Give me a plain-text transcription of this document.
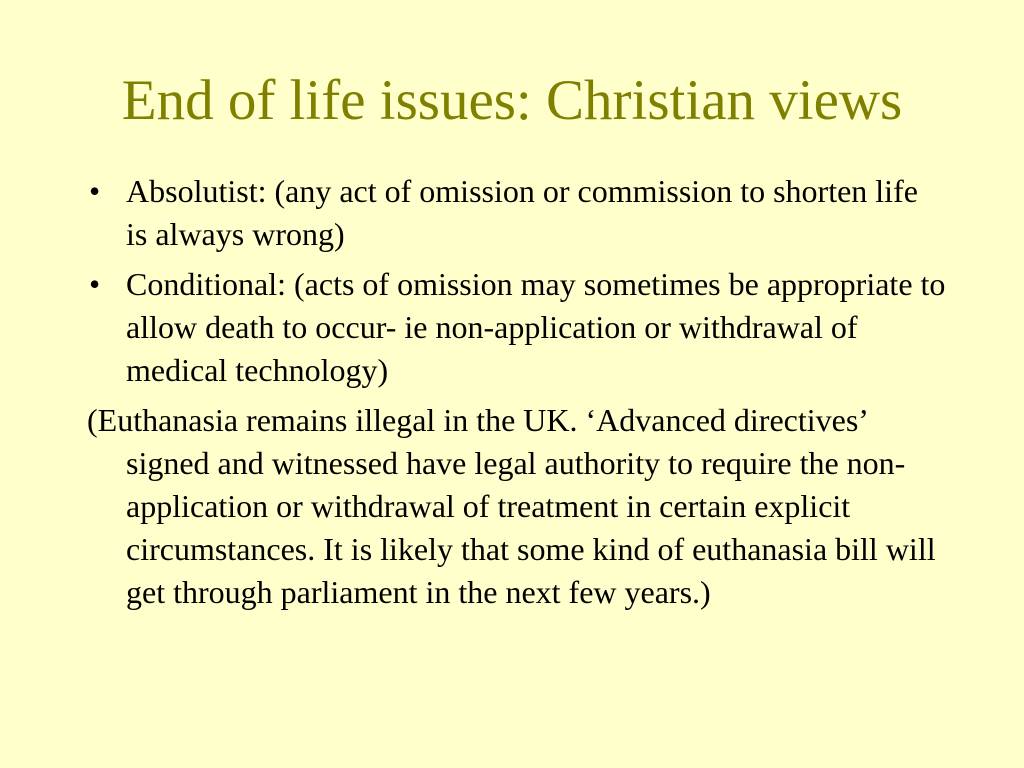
End of life issues: Christian views
• Absolutist: (any act of omission or commission to shorten life is always wrong)
• Conditional: (acts of omission may sometimes be appropriate to allow death to occur- ie non-application or withdrawal of medical technology)
(Euthanasia remains illegal in the UK. ‘Advanced directives’ signed and witnessed have legal authority to require the non-application or withdrawal of treatment in certain explicit circumstances. It is likely that some kind of euthanasia bill will get through parliament in the next few years.)
